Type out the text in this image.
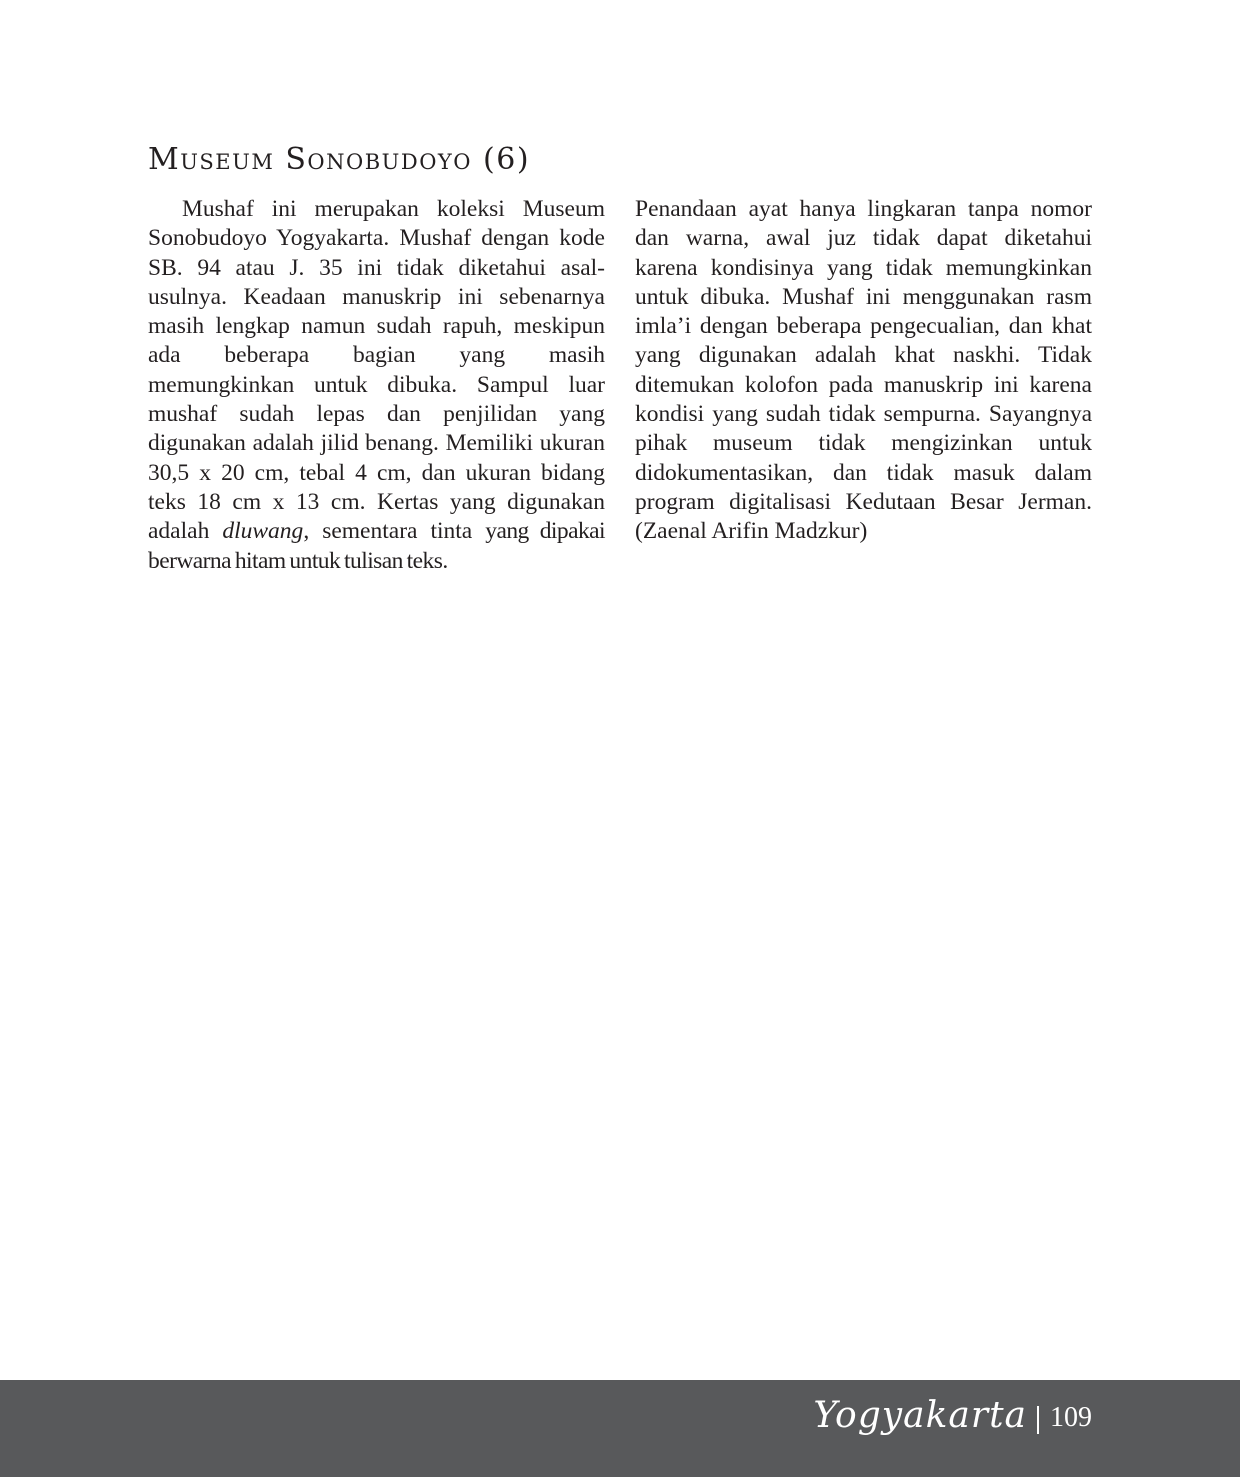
Museum Sonobudoyo (6)

Mushaf ini merupakan koleksi Museum Sonobudoyo Yogyakarta. Mushaf dengan kode SB. 94 atau J. 35 ini tidak diketahui asal-usulnya. Keadaan manuskrip ini sebenarnya masih lengkap namun sudah rapuh, meskipun ada beberapa bagian yang masih memungkinkan untuk dibuka. Sampul luar mushaf sudah lepas dan penjilidan yang digunakan adalah jilid benang. Memiliki ukuran 30,5 x 20 cm, tebal 4 cm, dan ukuran bidang teks 18 cm x 13 cm. Kertas yang digunakan adalah dluwang, sementara tinta yang dipakai berwarna hitam untuk tulisan teks.

Penandaan ayat hanya lingkaran tanpa nomor dan warna, awal juz tidak dapat diketahui karena kondisinya yang tidak memungkinkan untuk dibuka. Mushaf ini menggunakan rasm imla’i dengan beberapa pengecualian, dan khat yang digunakan adalah khat naskhi. Tidak ditemukan kolofon pada manuskrip ini karena kondisi yang sudah tidak sempurna. Sayangnya pihak museum tidak mengizinkan untuk didokumentasikan, dan tidak masuk dalam program digitalisasi Kedutaan Besar Jerman. (Zaenal Arifin Madzkur)

Yogyakarta 109
